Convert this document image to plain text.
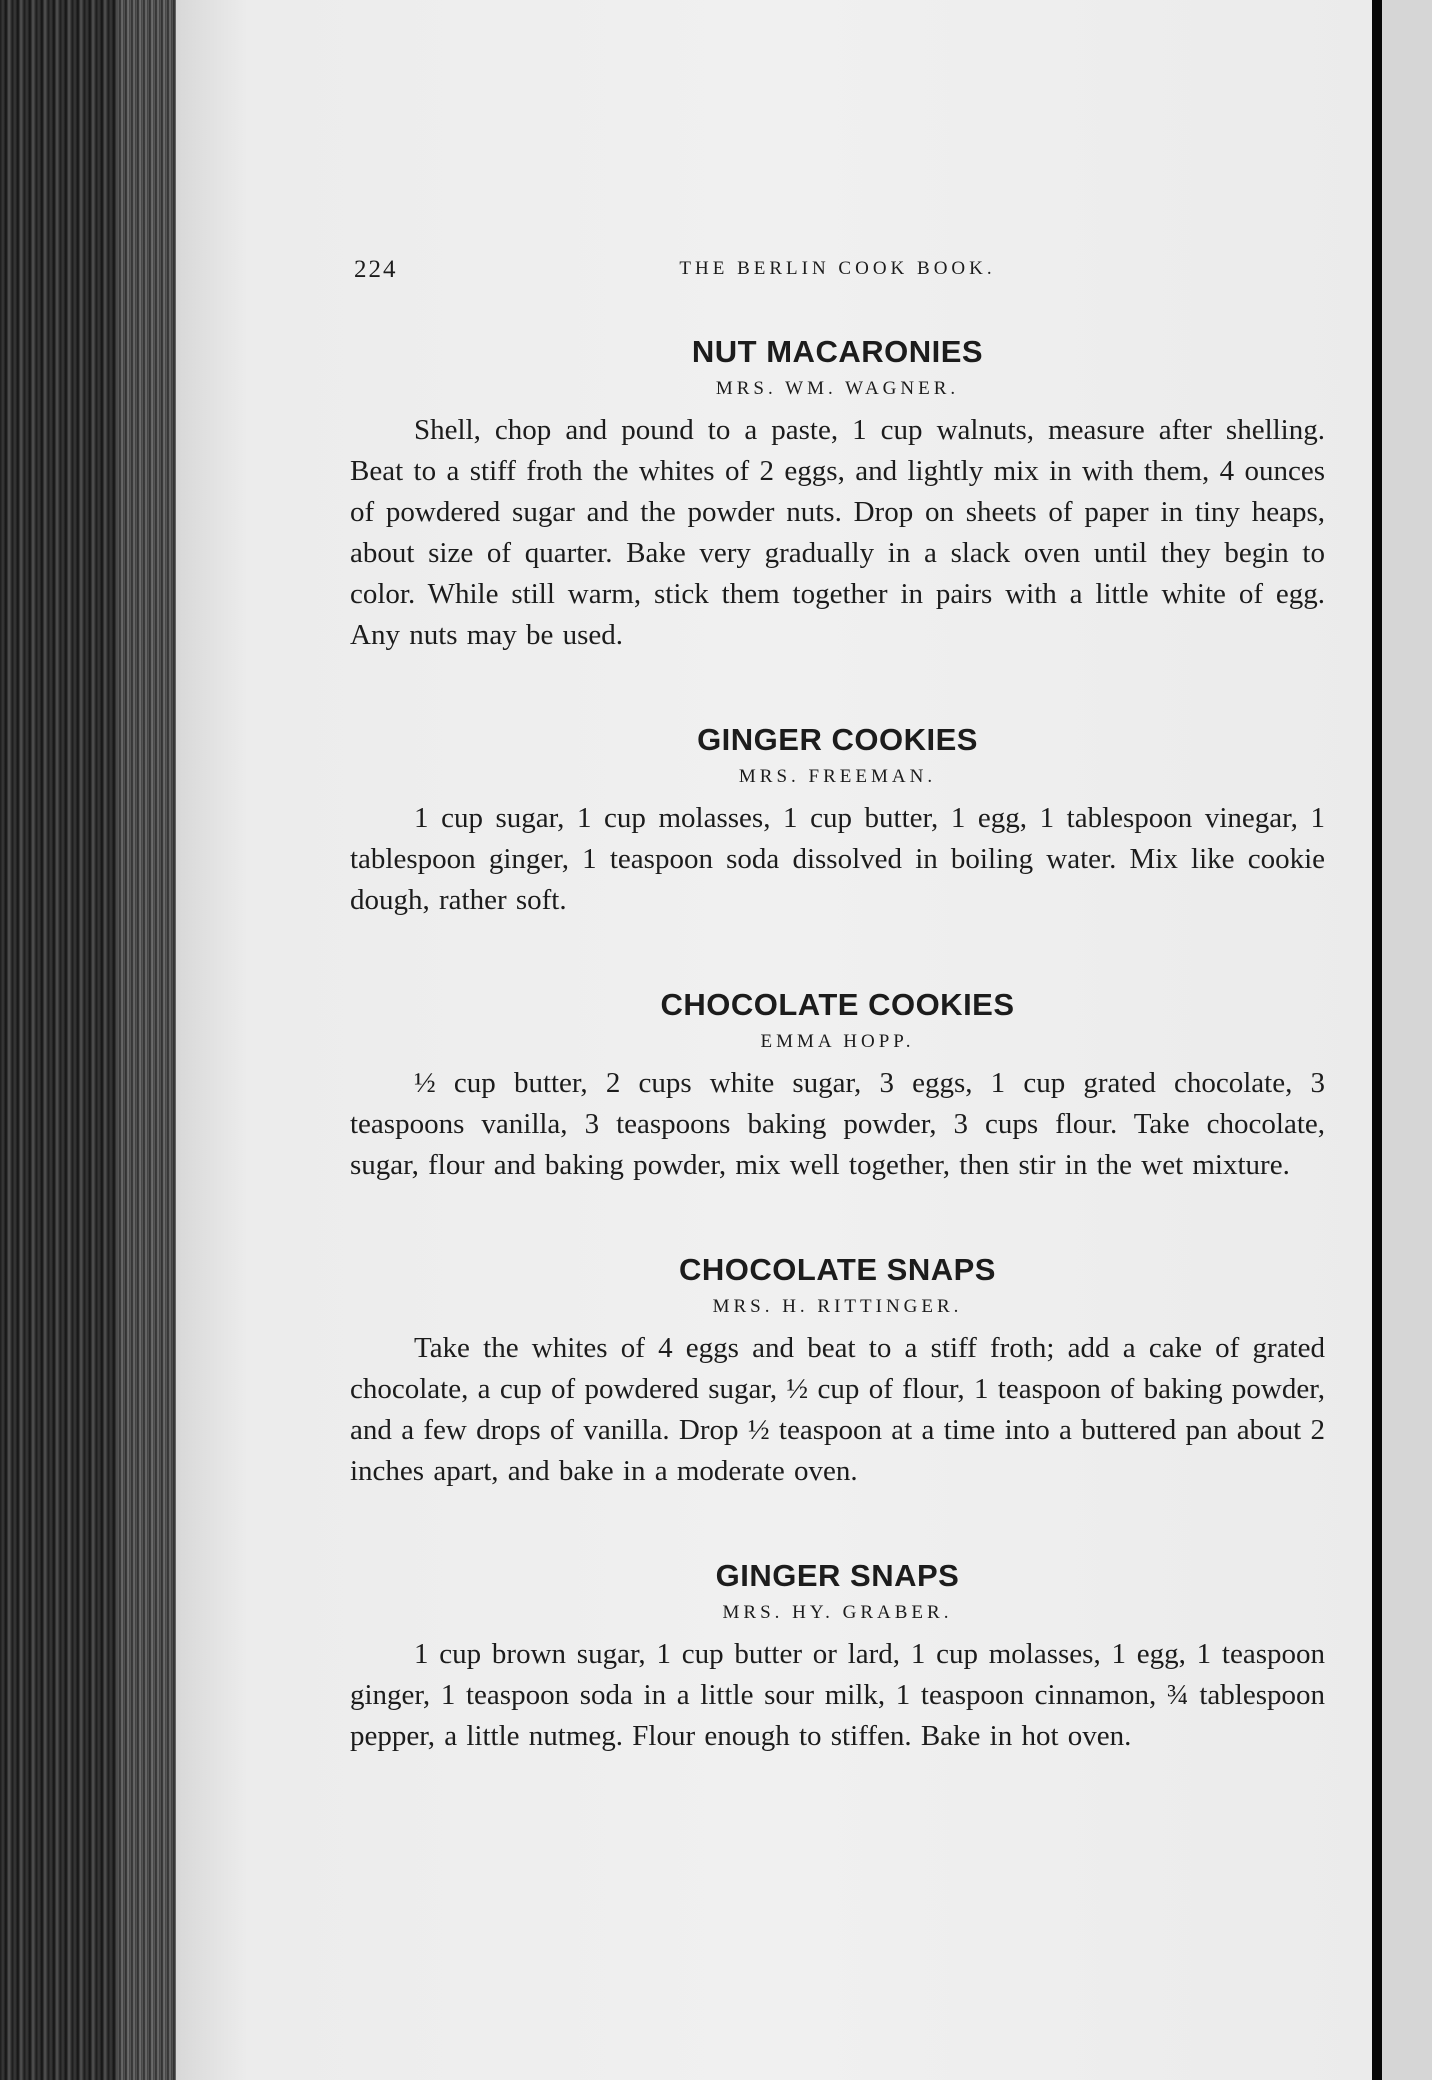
224	THE BERLIN COOK BOOK.
NUT MACARONIES
MRS. WM. WAGNER.

Shell, chop and pound to a paste, 1 cup walnuts, measure after shelling. Beat to a stiff froth the whites of 2 eggs, and lightly mix in with them, 4 ounces of powdered sugar and the powder nuts. Drop on sheets of paper in tiny heaps, about size of quarter. Bake very gradually in a slack oven until they begin to color. While still warm, stick them together in pairs with a little white of egg. Any nuts may be used.

GINGER COOKIES
MRS. FREEMAN.

1 cup sugar, 1 cup molasses, 1 cup butter, 1 egg, 1 tablespoon vinegar, 1 tablespoon ginger, 1 teaspoon soda dissolved in boiling water. Mix like cookie dough, rather soft.

CHOCOLATE COOKIES
EMMA HOPP.

½ cup butter, 2 cups white sugar, 3 eggs, 1 cup grated chocolate, 3 teaspoons vanilla, 3 teaspoons baking powder, 3 cups flour. Take chocolate, sugar, flour and baking powder, mix well together, then stir in the wet mixture.

CHOCOLATE SNAPS
MRS. H. RITTINGER.

Take the whites of 4 eggs and beat to a stiff froth; add a cake of grated chocolate, a cup of powdered sugar, ½ cup of flour, 1 teaspoon of baking powder, and a few drops of vanilla. Drop ½ teaspoon at a time into a buttered pan about 2 inches apart, and bake in a moderate oven.

GINGER SNAPS
MRS. HY. GRABER.

1 cup brown sugar, 1 cup butter or lard, 1 cup molasses, 1 egg, 1 teaspoon ginger, 1 teaspoon soda in a little sour milk, 1 teaspoon cinnamon, ¾ tablespoon pepper, a little nutmeg. Flour enough to stiffen. Bake in hot oven.
